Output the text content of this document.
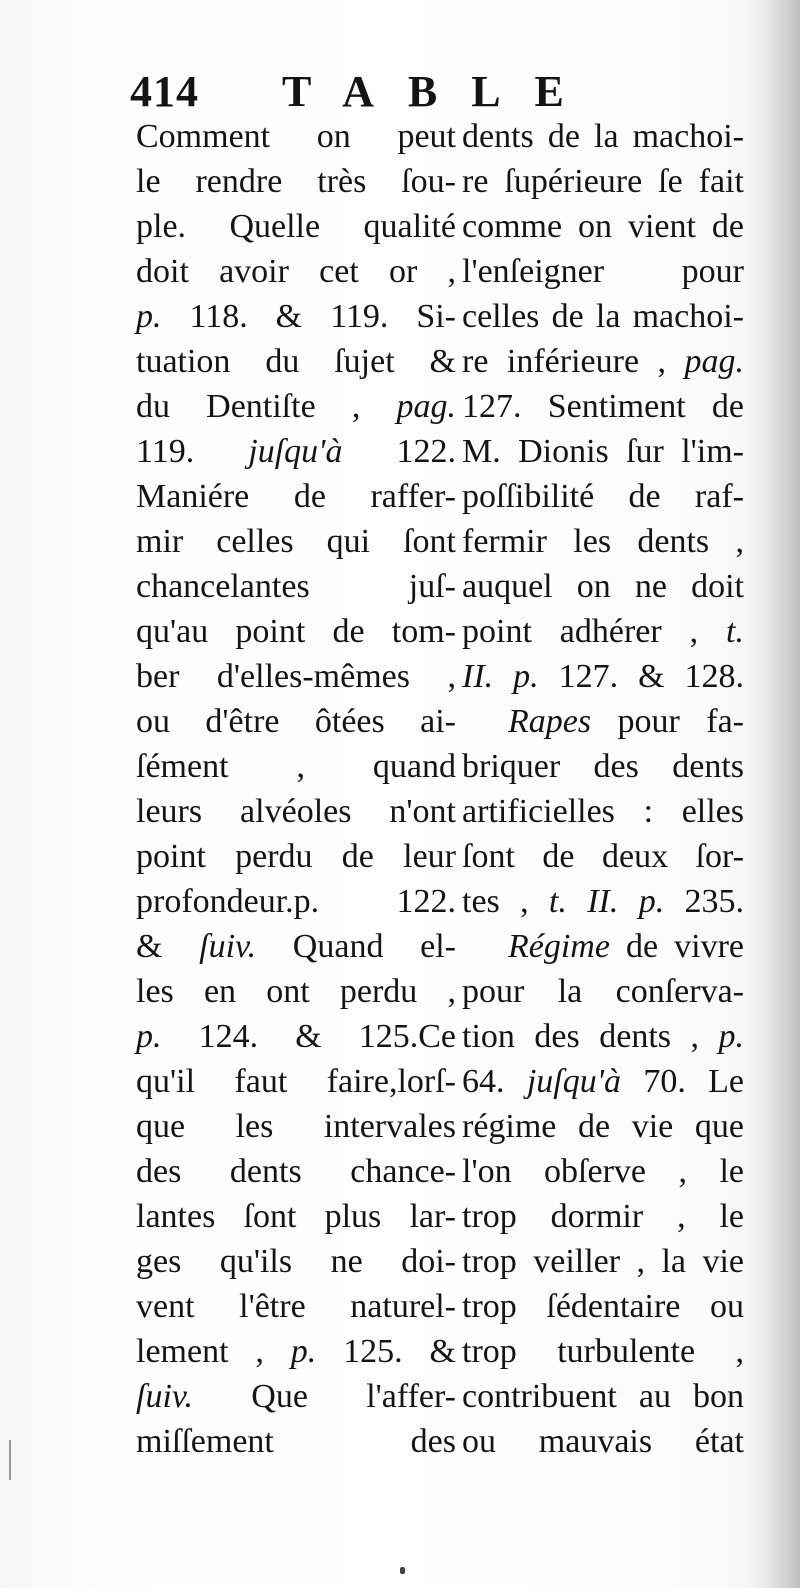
414 TABLE
Comment on peut
le rendre très ſou-
ple. Quelle qualité
doit avoir cet or ,
p. 118. & 119. Si-
tuation du ſujet &
du Dentiſte , pag.
119. juſqu'à 122.
Maniére de raffer-
mir celles qui ſont
chancelantes juſ-
qu'au point de tom-
ber d'elles-mêmes ,
ou d'être ôtées ai-
ſément , quand
leurs alvéoles n'ont
point perdu de leur
profondeur.p. 122.
& ſuiv. Quand el-
les en ont perdu ,
p. 124. & 125.Ce
qu'il faut faire,lorſ-
que les intervales
des dents chance-
lantes ſont plus lar-
ges qu'ils ne doi-
vent l'être naturel-
lement , p. 125. &
ſuiv. Que l'affer-
miſſement des
dents de la machoi-
re ſupérieure ſe fait
comme on vient de
l'enſeigner pour
celles de la machoi-
re inférieure , pag.
127. Sentiment de
M. Dionis ſur l'im-
poſſibilité de raf-
fermir les dents ,
auquel on ne doit
point adhérer , t.
II. p. 127. & 128.
Rapes pour fa-
briquer des dents
artificielles : elles
ſont de deux ſor-
tes , t. II. p. 235.
Régime de vivre
pour la conſerva-
tion des dents , p.
64. juſqu'à 70. Le
régime de vie que
l'on obſerve , le
trop dormir , le
trop veiller , la vie
trop ſédentaire ou
trop turbulente ,
contribuent au bon
ou mauvais état
